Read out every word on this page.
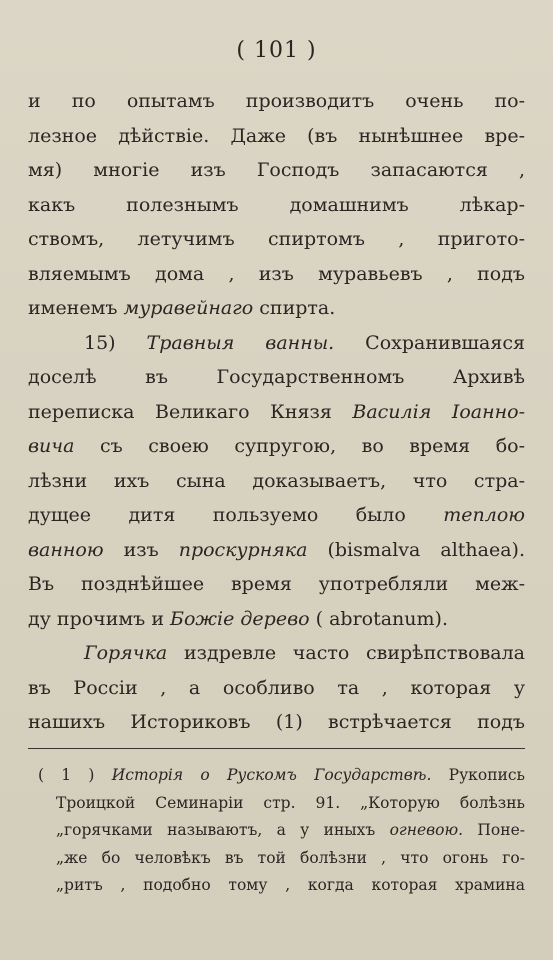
( 101 )
и по опытамъ производитъ очень по-
лезное дѣйствіе. Даже (въ нынѣшнее вре-
мя) многіе изъ Господъ запасаются ,
какъ полезнымъ домашнимъ лѣкар-
ствомъ, летучимъ спиртомъ , пригото-
вляемымъ дома , изъ муравьевъ , подъ
именемъ муравейнаго спирта.
15) Травныя ванны. Сохранившаяся
доселѣ въ Государственномъ Архивѣ
переписка Великаго Князя Василія Іоанно-
вича съ своею супругою, во время бо-
лѣзни ихъ сына доказываетъ, что стра-
дущее дитя пользуемо было теплою
ванною изъ проскурняка (bismalva althaea).
Въ позднѣйшее время употребляли меж-
ду прочимъ и Божіе дерево ( abrotanum).
Горячка издревле часто свирѣпствовала
въ Россіи , а особливо та , которая у
нашихъ Историковъ (1) встрѣчается подъ
( 1 ) Исторія о Рускомъ Государствѣ. Рукопись
Троицкой Семинаріи стр. 91. „Которую болѣзнь
„горячками называютъ, а у иныхъ огневою. Поне-
„же бо человѣкъ въ той болѣзни , что огонь го-
„ритъ , подобно тому , когда которая храмина
